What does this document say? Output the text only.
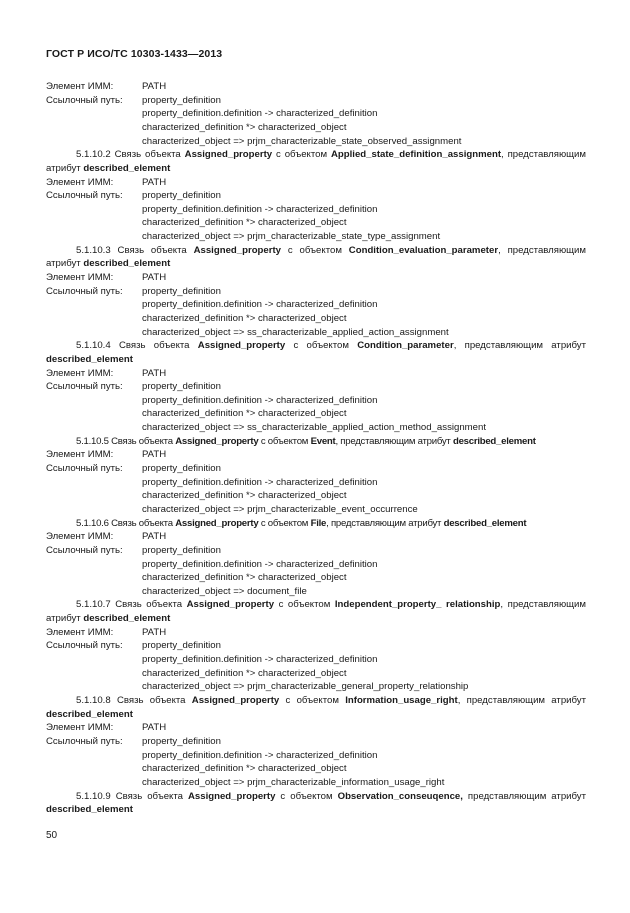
ГОСТ Р ИСО/ТС 10303-1433—2013
Элемент ИММ:	PATH
Ссылочный путь: property_definition
property_definition.definition -> characterized_definition
characterized_definition *> characterized_object
characterized_object => prjm_characterizable_state_observed_assignment
5.1.10.2 Связь объекта Assigned_property с объектом Applied_state_definition_assignment, представляющим атрибут described_element
Элемент ИММ:	PATH
Ссылочный путь: property_definition
property_definition.definition -> characterized_definition
characterized_definition *> characterized_object
characterized_object => prjm_characterizable_state_type_assignment
5.1.10.3 Связь объекта Assigned_property с объектом Condition_evaluation_parameter, представляющим атрибут described_element
Элемент ИММ:	PATH
Ссылочный путь: property_definition
property_definition.definition -> characterized_definition
characterized_definition *> characterized_object
characterized_object => ss_characterizable_applied_action_assignment
5.1.10.4 Связь объекта Assigned_property с объектом Condition_parameter, представляющим атрибут described_element
Элемент ИММ:	PATH
Ссылочный путь: property_definition
property_definition.definition -> characterized_definition
characterized_definition *> characterized_object
characterized_object => ss_characterizable_applied_action_method_assignment
5.1.10.5 Связь объекта Assigned_property с объектом Event, представляющим атрибут described_element
Элемент ИММ:	PATH
Ссылочный путь: property_definition
property_definition.definition -> characterized_definition
characterized_definition *> characterized_object
characterized_object => prjm_characterizable_event_occurrence
5.1.10.6 Связь объекта Assigned_property с объектом File, представляющим атрибут described_element
Элемент ИММ:	PATH
Ссылочный путь: property_definition
property_definition.definition -> characterized_definition
characterized_definition *> characterized_object
characterized_object => document_file
5.1.10.7 Связь объекта Assigned_property с объектом Independent_property_ relationship, представляющим атрибут described_element
Элемент ИММ:	PATH
Ссылочный путь: property_definition
property_definition.definition -> characterized_definition
characterized_definition *> characterized_object
characterized_object => prjm_characterizable_general_property_relationship
5.1.10.8 Связь объекта Assigned_property с объектом Information_usage_right, представляющим атрибут described_element
Элемент ИММ:	PATH
Ссылочный путь: property_definition
property_definition.definition -> characterized_definition
characterized_definition *> characterized_object
characterized_object => prjm_characterizable_information_usage_right
5.1.10.9 Связь объекта Assigned_property с объектом Observation_conseuqence, представляющим атрибут described_element
50
